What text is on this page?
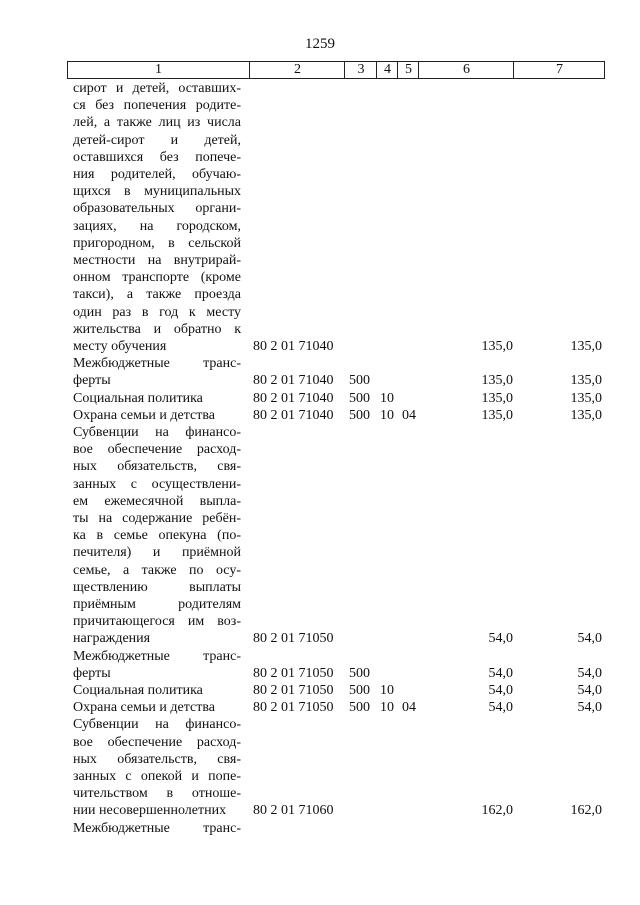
1259
1	2	3	4	5	6	7
сирот и детей, оставших-
ся без попечения родите-
лей, а также лиц из числа
детей-сирот и детей,
оставшихся без попече-
ния родителей, обучаю-
щихся в муниципальных
образовательных органи-
зациях, на городском,
пригородном, в сельской
местности на внутрирай-
онном транспорте (кроме
такси), а также проезда
один раз в год к месту
жительства и обратно к
месту обучения	80 2 01 71040	135,0	135,0
Межбюджетные транс-
ферты	80 2 01 71040 500	135,0	135,0
Социальная политика	80 2 01 71040 500 10	135,0	135,0
Охрана семьи и детства	80 2 01 71040 500 10 04	135,0	135,0
Субвенции на финансо-
вое обеспечение расход-
ных обязательств, свя-
занных с осуществлени-
ем ежемесячной выпла-
ты на содержание ребён-
ка в семье опекуна (по-
печителя) и приёмной
семье, а также по осу-
ществлению выплаты
приёмным родителям
причитающегося им воз-
награждения	80 2 01 71050	54,0	54,0
Межбюджетные транс-
ферты	80 2 01 71050 500	54,0	54,0
Социальная политика	80 2 01 71050 500 10	54,0	54,0
Охрана семьи и детства	80 2 01 71050 500 10 04	54,0	54,0
Субвенции на финансо-
вое обеспечение расход-
ных обязательств, свя-
занных с опекой и попе-
чительством в отноше-
нии несовершеннолетних	80 2 01 71060	162,0	162,0
Межбюджетные транс-
